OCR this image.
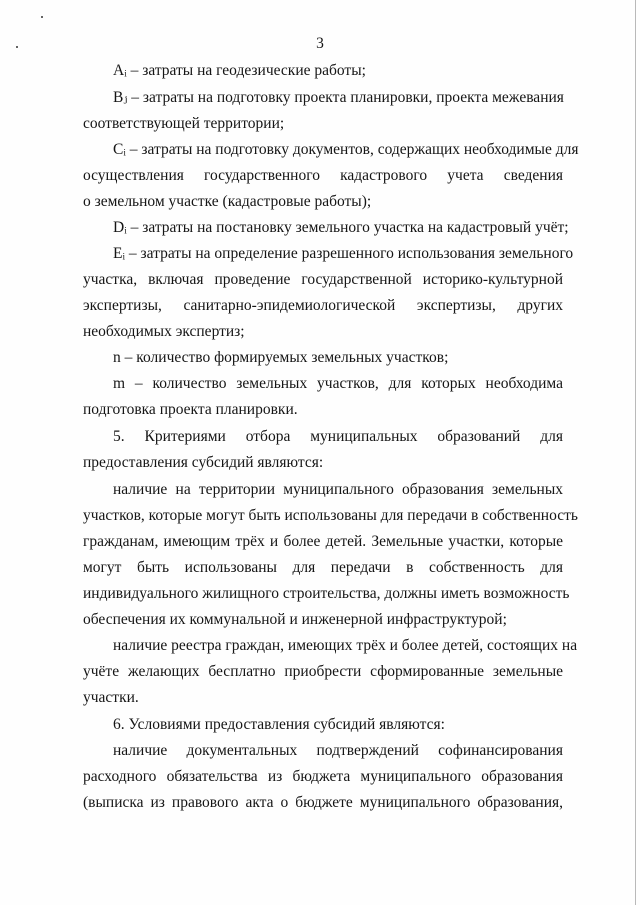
3
Aᵢ – затраты на геодезические работы;
Bⱼ – затраты на подготовку проекта планировки, проекта межевания
соответствующей территории;
Cᵢ – затраты на подготовку документов, содержащих необходимые для
осуществления государственного кадастрового учета сведения
о земельном участке (кадастровые работы);
Dᵢ – затраты на постановку земельного участка на кадастровый учёт;
Eᵢ – затраты на определение разрешенного использования земельного
участка, включая проведение государственной историко-культурной
экспертизы, санитарно-эпидемиологической экспертизы, других
необходимых экспертиз;
n – количество формируемых земельных участков;
m – количество земельных участков, для которых необходима
подготовка проекта планировки.
5. Критериями отбора муниципальных образований для
предоставления субсидий являются:
наличие на территории муниципального образования земельных
участков, которые могут быть использованы для передачи в собственность
гражданам, имеющим трёх и более детей. Земельные участки, которые
могут быть использованы для передачи в собственность для
индивидуального жилищного строительства, должны иметь возможность
обеспечения их коммунальной и инженерной инфраструктурой;
наличие реестра граждан, имеющих трёх и более детей, состоящих на
учёте желающих бесплатно приобрести сформированные земельные
участки.
6. Условиями предоставления субсидий являются:
наличие документальных подтверждений софинансирования
расходного обязательства из бюджета муниципального образования
(выписка из правового акта о бюджете муниципального образования,
